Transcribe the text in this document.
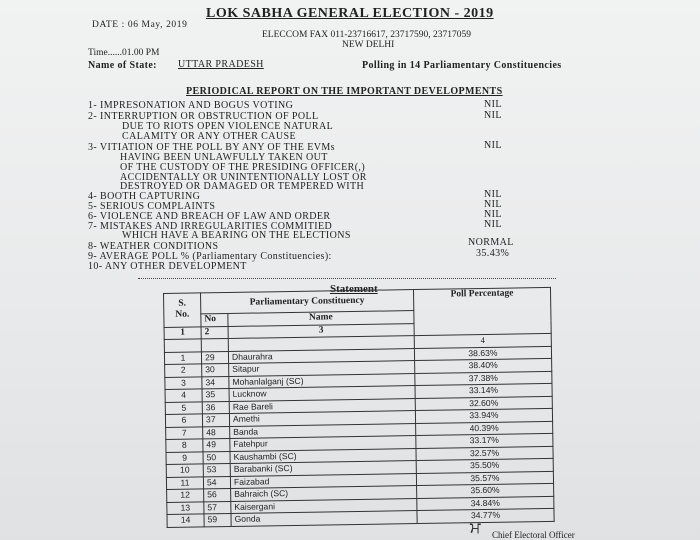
LOK SABHA GENERAL ELECTION - 2019
DATE : 06 May, 2019
ELECCOM FAX 011-23716617, 23717590, 23717059
NEW DELHI
Time......01.00 PM
Name of State: UTTAR PRADESH	Polling in 14 Parliamentary Constituencies
PERIODICAL REPORT ON THE IMPORTANT DEVELOPMENTS
1- IMPRESONATION AND BOGUS VOTING	NIL
2- INTERRUPTION OR OBSTRUCTION OF POLL	NIL
DUE TO RIOTS OPEN VIOLENCE NATURAL
CALAMITY OR ANY OTHER CAUSE
3- VITIATION OF THE POLL BY ANY OF THE EVMs	NIL
HAVING BEEN UNLAWFULLY TAKEN OUT
OF THE CUSTODY OF THE PRESIDING OFFICER(,)
ACCIDENTALLY OR UNINTENTIONALLY LOST OR
DESTROYED OR DAMAGED OR TEMPERED WITH
4- BOOTH CAPTURING	NIL
5- SERIOUS COMPLAINTS	NIL
6- VIOLENCE AND BREACH OF LAW AND ORDER	NIL
7- MISTAKES AND IRREGULARITIES COMMITIED	NIL
WHICH HAVE A BEARING ON THE ELECTIONS
8- WEATHER CONDITIONS	NORMAL
9- AVERAGE POLL % (Parliamentary Constituencies):	35.43%
10- ANY OTHER DEVELOPMENT
Statement
S.
No.	Parliamentary Constituency		Poll Percentage
	No	Name	
1	2	3	
			4
1	29	Dhaurahra	38.63%
2	30	Sitapur	38.40%
3	34	Mohanlalganj (SC)	37.38%
4	35	Lucknow	33.14%
5	36	Rae Bareli	32.60%
6	37	Amethi	33.94%
7	48	Banda	40.39%
8	49	Fatehpur	33.17%
9	50	Kaushambi (SC)	32.57%
10	53	Barabanki (SC)	35.50%
11	54	Faizabad	35.57%
12	56	Bahraich (SC)	35.60%
13	57	Kaisergani	34.84%
14	59	Gonda	34.77%
ਮ Chief Electoral Officer
